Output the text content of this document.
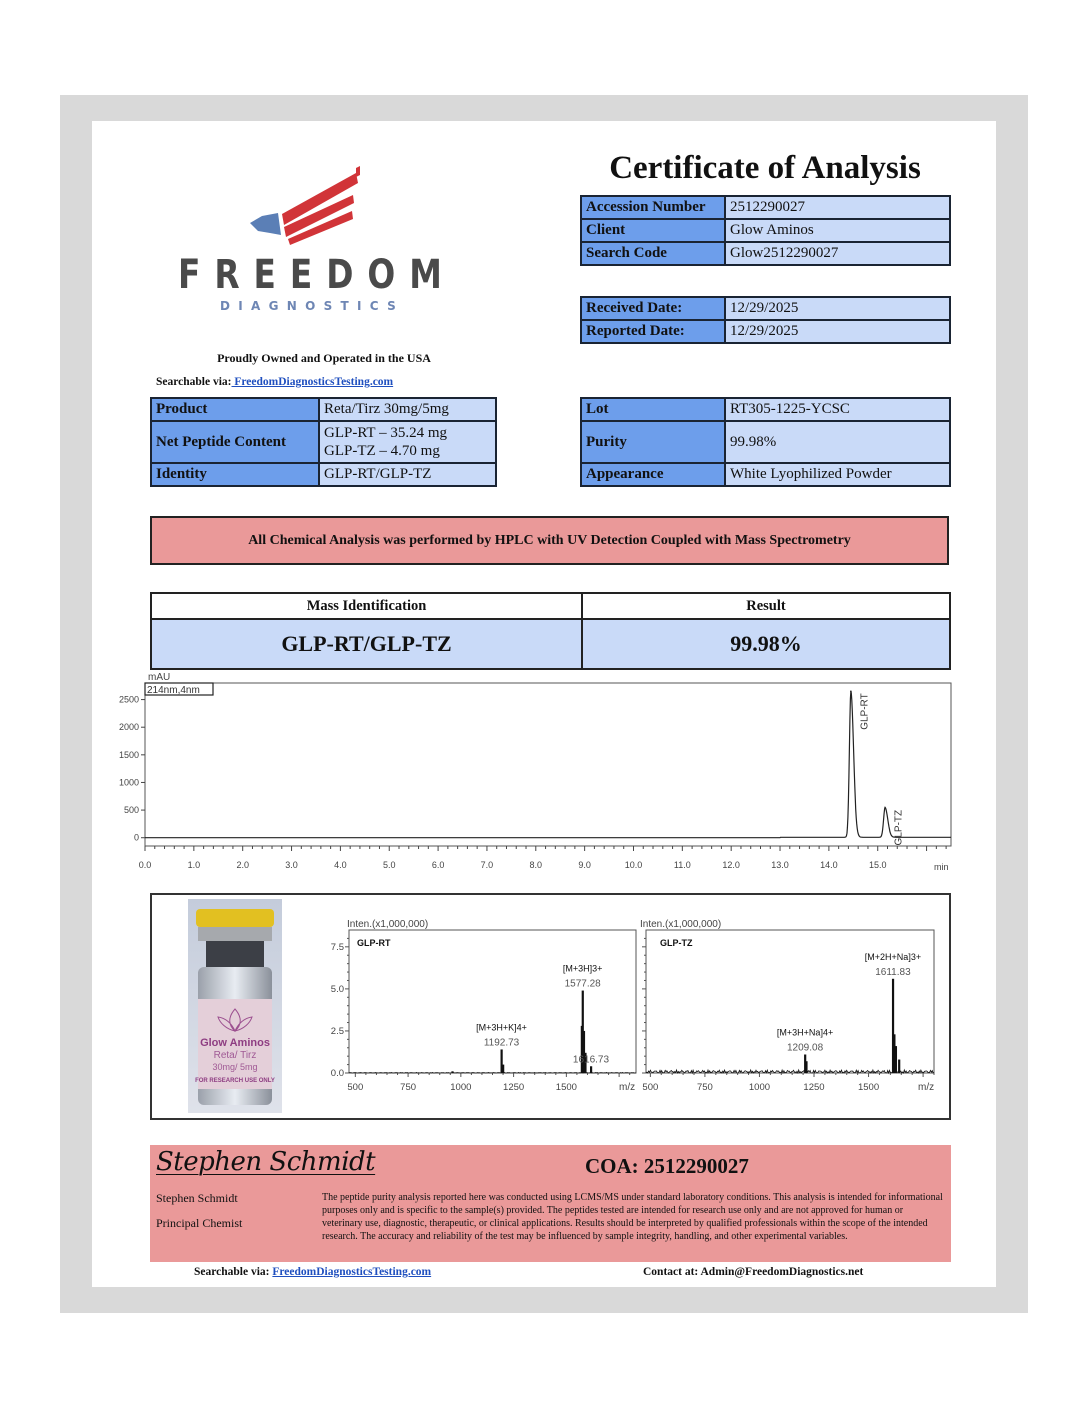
FREEDOM
DIAGNOSTICS
Proudly Owned and Operated in the USA
Searchable via: FreedomDiagnosticsTesting.com
Certificate of Analysis
Accession Number	2512290027
Client	Glow Aminos
Search Code	Glow2512290027
Received Date:	12/29/2025
Reported Date:	12/29/2025
Product	Reta/Tirz 30mg/5mg
Net Peptide Content	GLP-RT – 35.24 mg
GLP-TZ – 4.70 mg

Identity	GLP-RT/GLP-TZ
Lot	RT305-1225-YCSC
Purity	99.98%
Appearance	White Lyophilized Powder
All Chemical Analysis was performed by HPLC with UV Detection Coupled with Mass Spectrometry
Mass Identification	Result
GLP-RT/GLP-TZ	99.98%
mAU
214nm,4nm
0
500
1000
1500
2000
2500
0.0	1.0	2.0	3.0	4.0	5.0	6.0	7.0	8.0	9.0	10.0	11.0	12.0	13.0	14.0	15.0
GLP-RT
GLP-TZ
min
Glow Aminos
Reta/ Tirz
30mg/ 5mg
FOR RESEARCH USE ONLY
Inten.(x1,000,000)
GLP-RT
0.0
2.5
5.0
7.5
500	750	1000	1250	1500
1192.73
[M+3H+K]4+
1577.28
[M+3H]3+
1616.73
m/z
Inten.(x1,000,000)
GLP-TZ
500	750	1000	1250	1500
1209.08
[M+3H+Na]4+
1611.83
[M+2H+Na]3+
m/z
Stephen Schmidt	COA: 2512290027
Stephen Schmidt
Principal Chemist
The peptide purity analysis reported here was conducted using LCMS/MS under standard laboratory conditions. This analysis is intended for informational purposes only and is specific to the sample(s) provided. The peptides tested are intended for research use only and are not approved for human or veterinary use, diagnostic, therapeutic, or clinical applications. Results should be interpreted by qualified professionals within the scope of the intended research. The accuracy and reliability of the test may be influenced by sample integrity, handling, and other experimental variables.
Searchable via: FreedomDiagnosticsTesting.com	Contact at: Admin@FreedomDiagnostics.net
